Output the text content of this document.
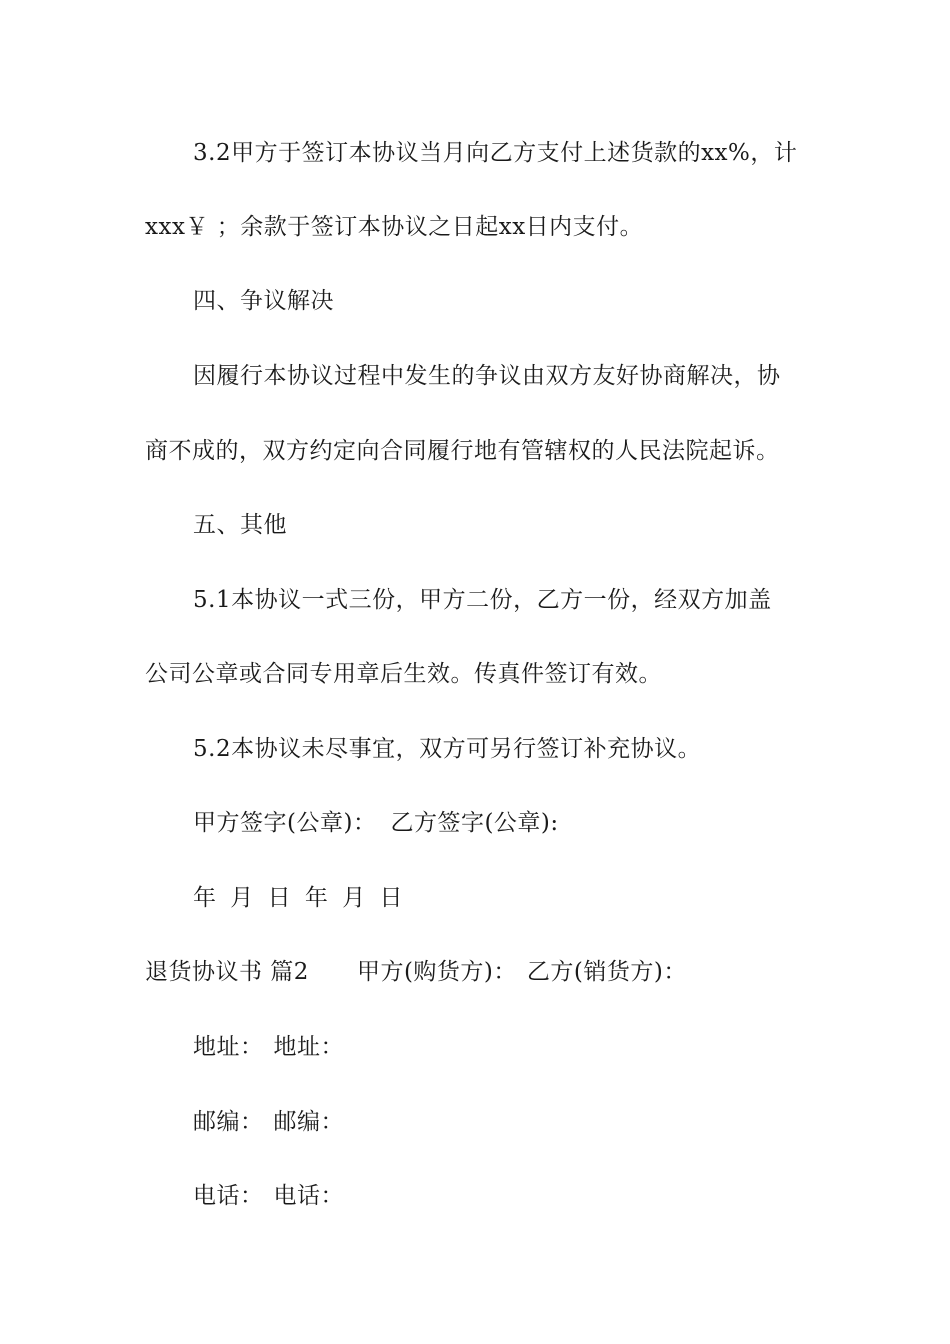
3.2甲方于签订本协议当月向乙方支付上述货款的xx%，计
xxx￥ ；余款于签订本协议之日起xx日内支付。
四、争议解决
因履行本协议过程中发生的争议由双方友好协商解决，协
商不成的，双方约定向合同履行地有管辖权的人民法院起诉。
五、其他
5.1本协议一式三份，甲方二份，乙方一份，经双方加盖
公司公章或合同专用章后生效。传真件签订有效。
5.2本协议未尽事宜，双方可另行签订补充协议。
甲方签字(公章)： 乙方签字(公章):
年 月 日 年 月 日
退货协议书 篇2 甲方(购货方)： 乙方(销货方)：
地址： 地址：
邮编： 邮编：
电话： 电话：
